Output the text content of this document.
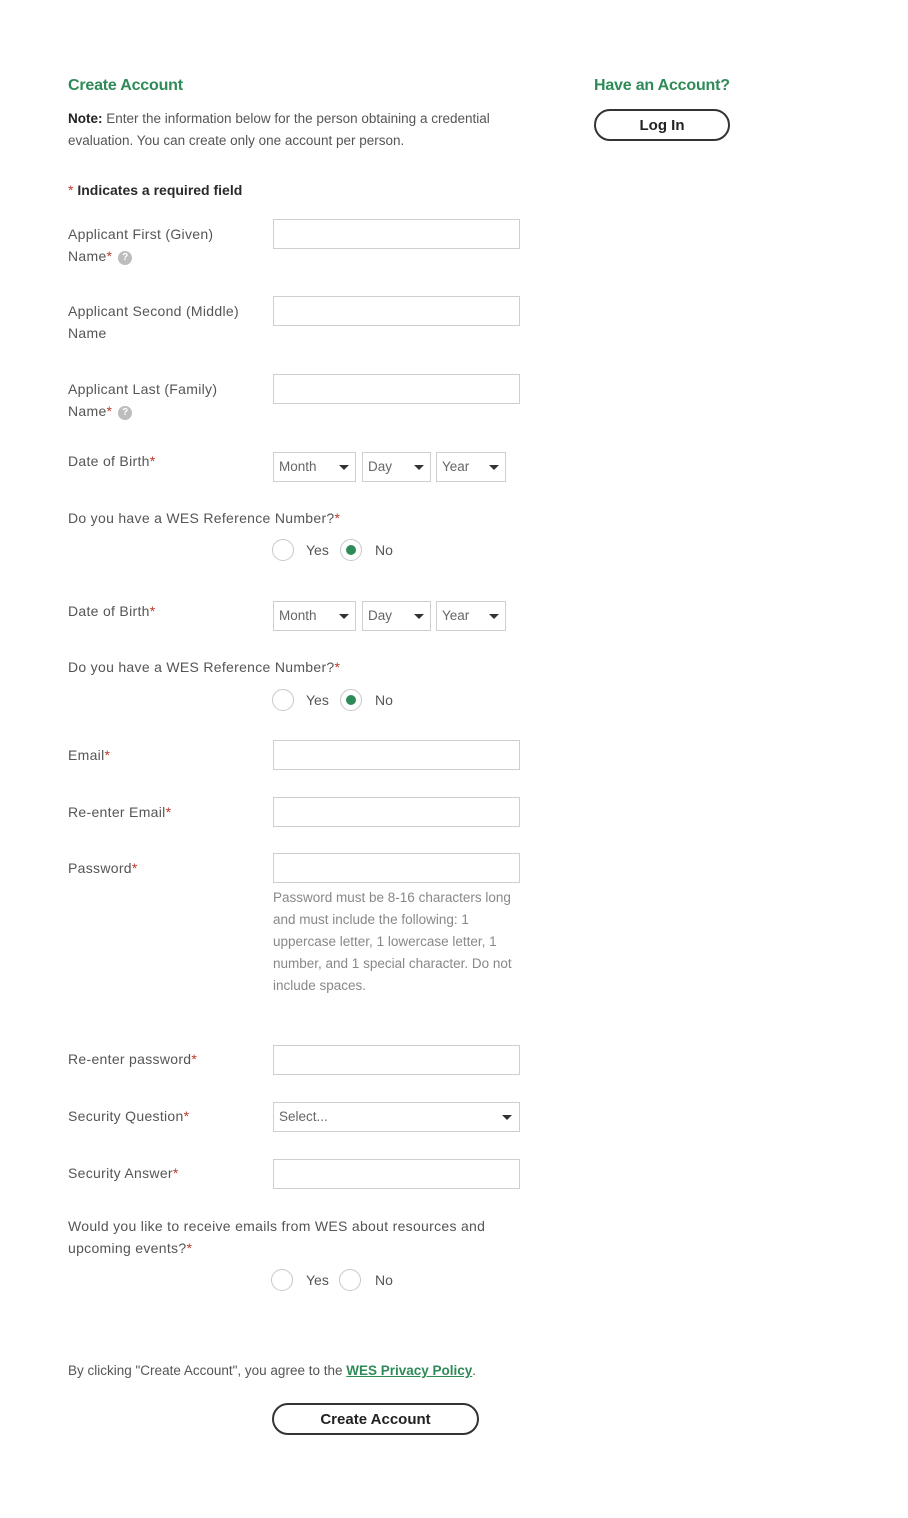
Create Account
Note: Enter the information below for the person obtaining a credential evaluation. You can create only one account per person.
* Indicates a required field
Have an Account?
Log In
Applicant First (Given) Name* ?
Applicant Second (Middle) Name
Applicant Last (Family) Name* ?
Date of Birth*	Month	Day	Year
Do you have a WES Reference Number?*
Yes	No
Date of Birth*	Month	Day	Year
Do you have a WES Reference Number?*
Yes	No
Email*
Re-enter Email*
Password*
Password must be 8-16 characters long and must include the following: 1 uppercase letter, 1 lowercase letter, 1 number, and 1 special character. Do not include spaces.
Re-enter password*
Security Question*	Select...
Security Answer*
Would you like to receive emails from WES about resources and upcoming events?*
Yes	No
By clicking "Create Account", you agree to the WES Privacy Policy.
Create Account
